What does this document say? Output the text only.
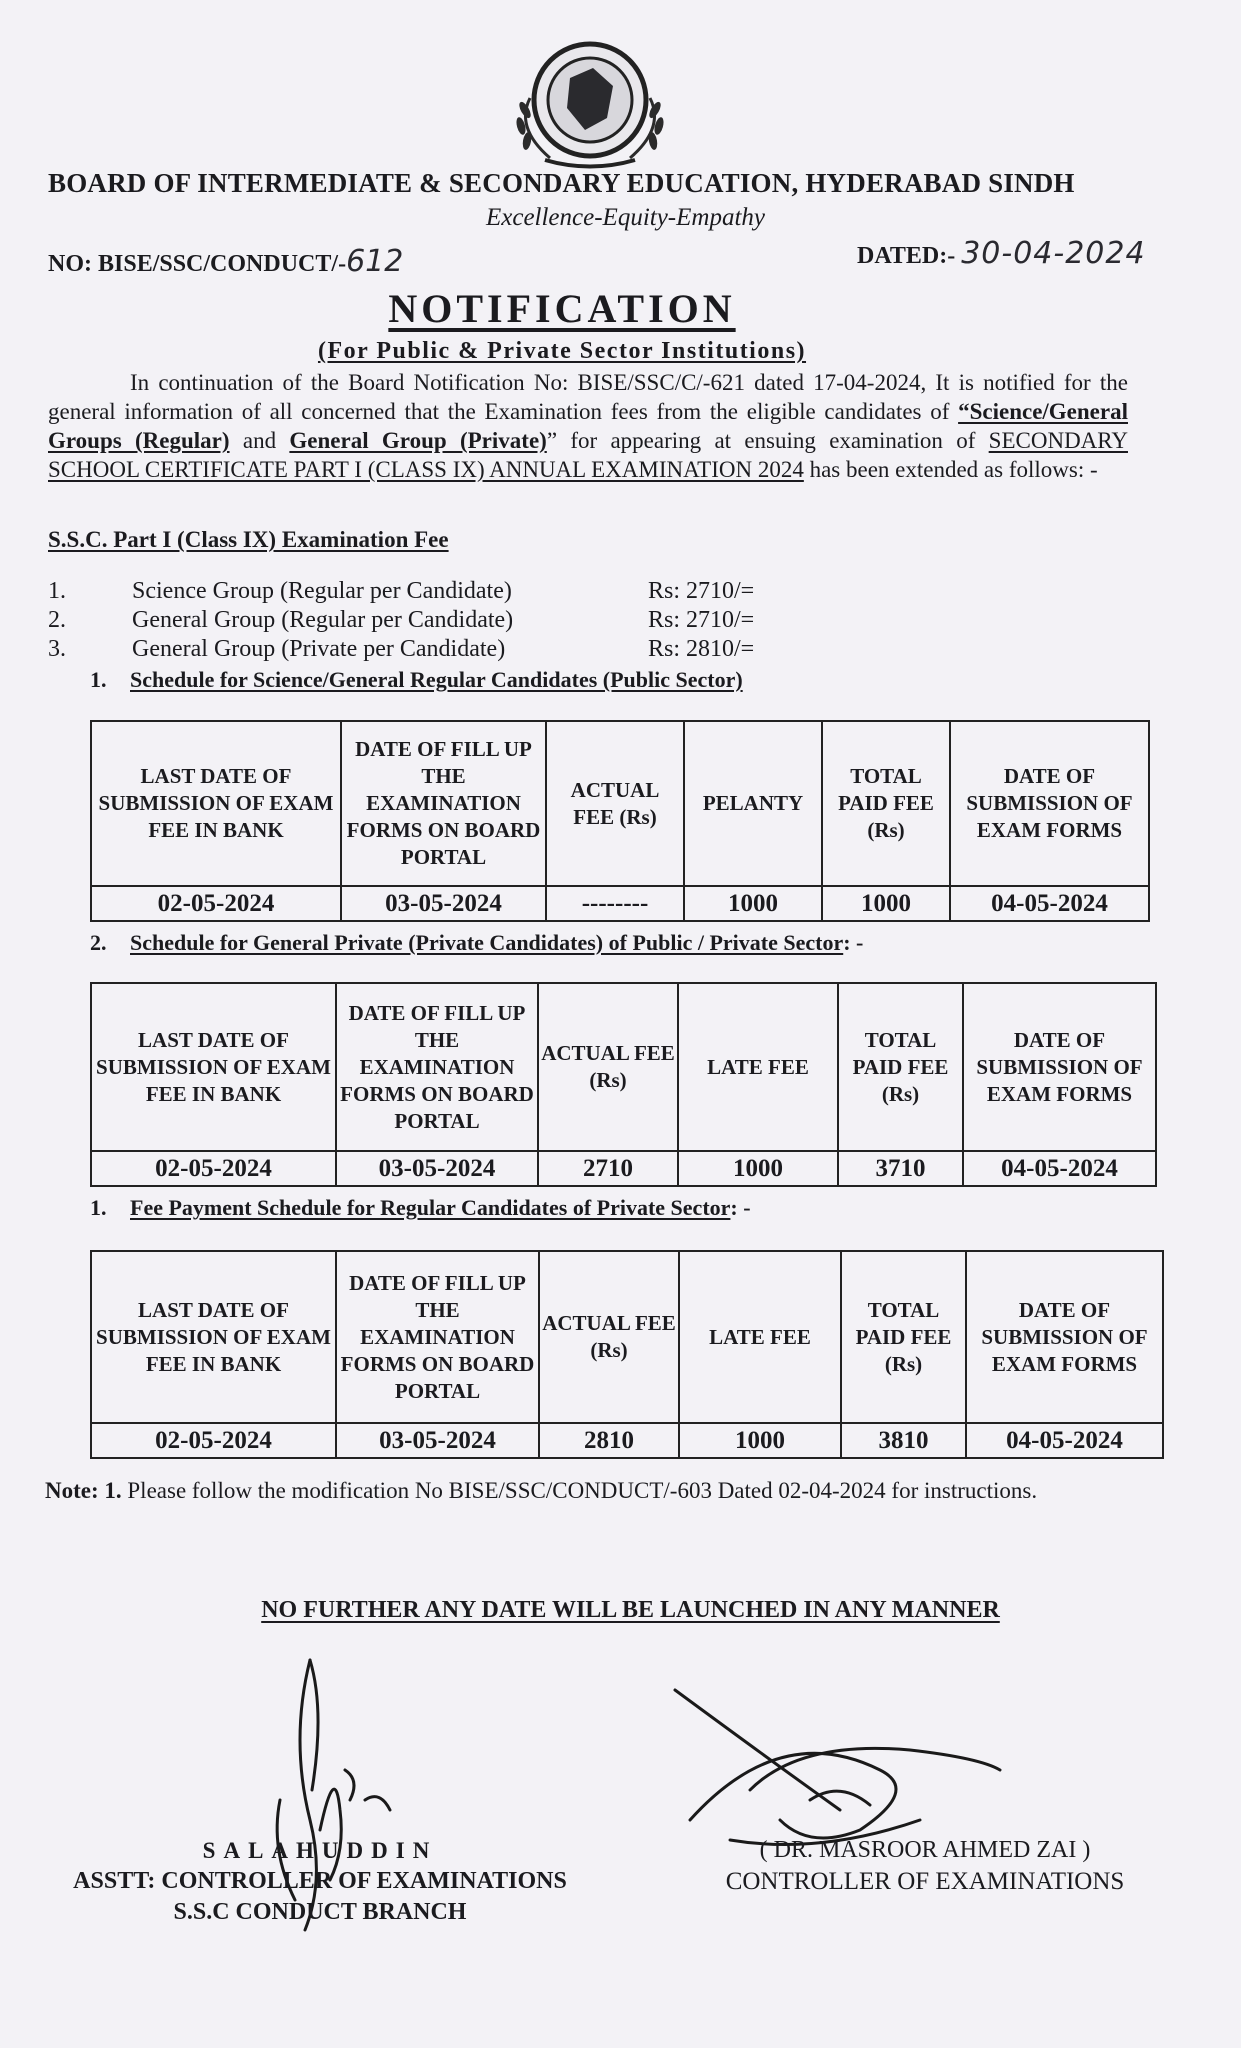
BOARD OF INTERMEDIATE & SECONDARY EDUCATION, HYDERABAD SINDH
Excellence-Equity-Empathy
NO: BISE/SSC/CONDUCT/-612	DATED:- 30-04-2024
NOTIFICATION
(For Public & Private Sector Institutions)
In continuation of the Board Notification No: BISE/SSC/C/-621 dated 17-04-2024, It is notified for the general information of all concerned that the Examination fees from the eligible candidates of “Science/General Groups (Regular) and General Group (Private)” for appearing at ensuing examination of SECONDARY SCHOOL CERTIFICATE PART I (CLASS IX) ANNUAL EXAMINATION 2024 has been extended as follows: -
S.S.C. Part I (Class IX) Examination Fee
1.	Science Group (Regular per Candidate)	Rs: 2710/=
2.	General Group (Regular per Candidate)	Rs: 2710/=
3.	General Group (Private per Candidate)	Rs: 2810/=
1. Schedule for Science/General Regular Candidates (Public Sector)
LAST DATE OF SUBMISSION OF EXAM FEE IN BANK	DATE OF FILL UP THE EXAMINATION FORMS ON BOARD PORTAL	ACTUAL FEE (Rs)	PELANTY	TOTAL PAID FEE (Rs)	DATE OF SUBMISSION OF EXAM FORMS
02-05-2024	03-05-2024	--------	1000	1000	04-05-2024
2. Schedule for General Private (Private Candidates) of Public / Private Sector: -
LAST DATE OF SUBMISSION OF EXAM FEE IN BANK	DATE OF FILL UP THE EXAMINATION FORMS ON BOARD PORTAL	ACTUAL FEE (Rs)	LATE FEE	TOTAL PAID FEE (Rs)	DATE OF SUBMISSION OF EXAM FORMS
02-05-2024	03-05-2024	2710	1000	3710	04-05-2024
1. Fee Payment Schedule for Regular Candidates of Private Sector: -
LAST DATE OF SUBMISSION OF EXAM FEE IN BANK	DATE OF FILL UP THE EXAMINATION FORMS ON BOARD PORTAL	ACTUAL FEE (Rs)	LATE FEE	TOTAL PAID FEE (Rs)	DATE OF SUBMISSION OF EXAM FORMS
02-05-2024	03-05-2024	2810	1000	3810	04-05-2024
Note: 1. Please follow the modification No BISE/SSC/CONDUCT/-603 Dated 02-04-2024 for instructions.
NO FURTHER ANY DATE WILL BE LAUNCHED IN ANY MANNER
SALAHUDDIN
ASSTT: CONTROLLER OF EXAMINATIONS
S.S.C CONDUCT BRANCH
( DR. MASROOR AHMED ZAI )
CONTROLLER OF EXAMINATIONS
